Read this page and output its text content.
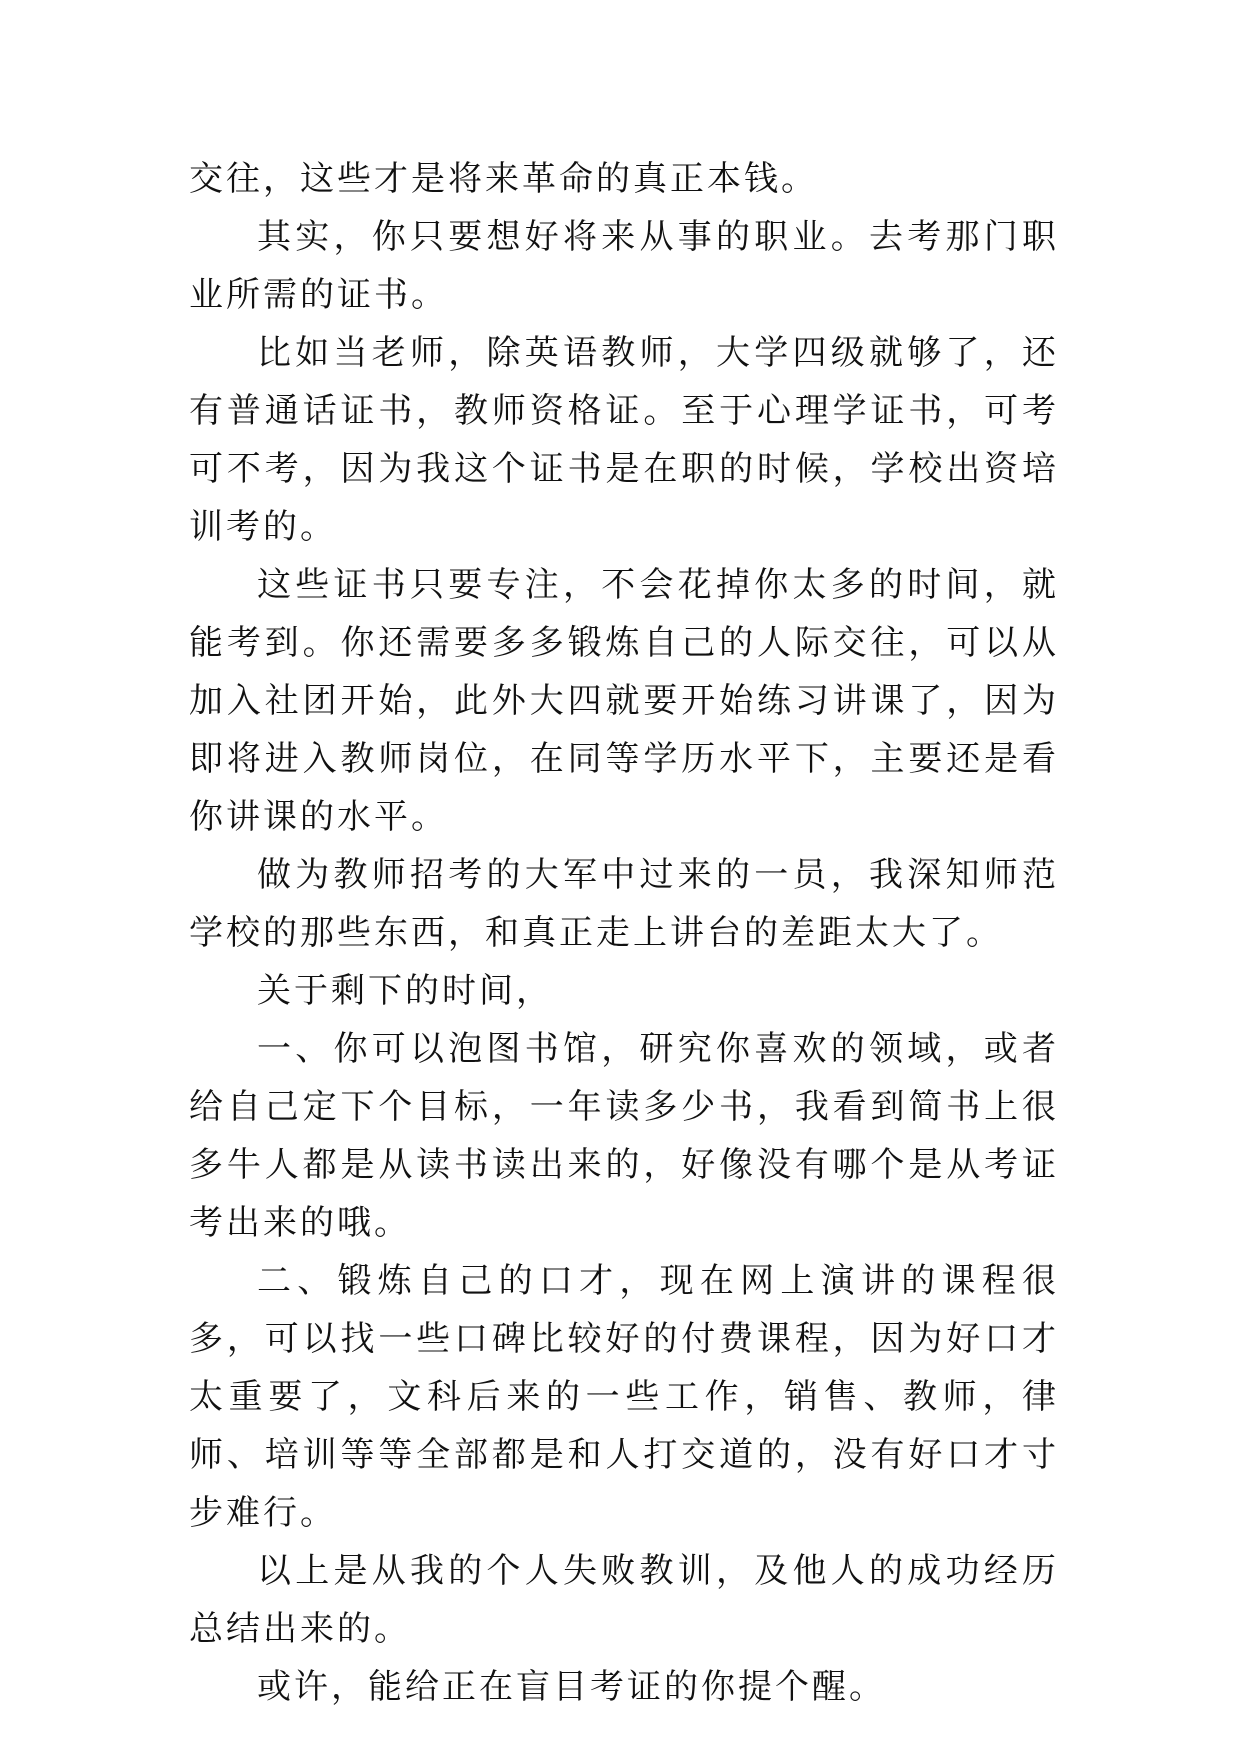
交往，这些才是将来革命的真正本钱。

其实，你只要想好将来从事的职业。去考那门职业所需的证书。

比如当老师，除英语教师，大学四级就够了，还有普通话证书，教师资格证。至于心理学证书，可考可不考，因为我这个证书是在职的时候，学校出资培训考的。

这些证书只要专注，不会花掉你太多的时间，就能考到。你还需要多多锻炼自己的人际交往，可以从加入社团开始，此外大四就要开始练习讲课了，因为即将进入教师岗位，在同等学历水平下，主要还是看你讲课的水平。

做为教师招考的大军中过来的一员，我深知师范学校的那些东西，和真正走上讲台的差距太大了。

关于剩下的时间，

一、你可以泡图书馆，研究你喜欢的领域，或者给自己定下个目标，一年读多少书，我看到简书上很多牛人都是从读书读出来的，好像没有哪个是从考证考出来的哦。

二、锻炼自己的口才，现在网上演讲的课程很多，可以找一些口碑比较好的付费课程，因为好口才太重要了，文科后来的一些工作，销售、教师，律师、培训等等全部都是和人打交道的，没有好口才寸步难行。

以上是从我的个人失败教训，及他人的成功经历总结出来的。

或许，能给正在盲目考证的你提个醒。
